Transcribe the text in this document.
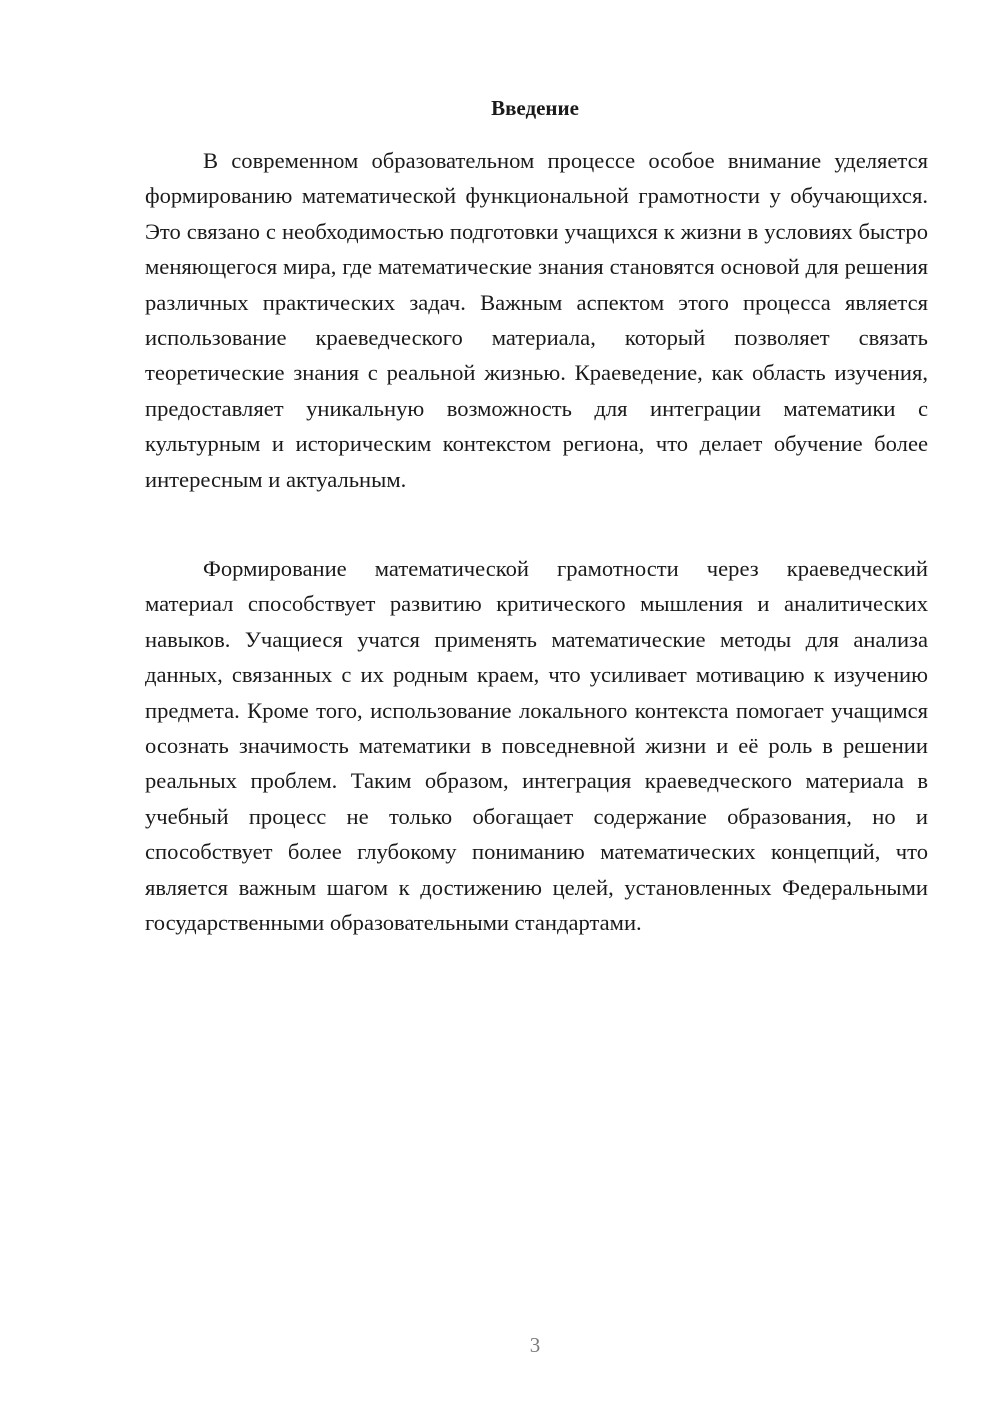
Введение

В современном образовательном процессе особое внимание уделяется формированию математической функциональной грамотности у обучающихся. Это связано с необходимостью подготовки учащихся к жизни в условиях быстро меняющегося мира, где математические знания становятся основой для решения различных практических задач. Важным аспектом этого процесса является использование краеведческого материала, который позволяет связать теоретические знания с реальной жизнью. Краеведение, как область изучения, предоставляет уникальную возможность для интеграции математики с культурным и историческим контекстом региона, что делает обучение более интересным и актуальным.

Формирование математической грамотности через краеведческий материал способствует развитию критического мышления и аналитических навыков. Учащиеся учатся применять математические методы для анализа данных, связанных с их родным краем, что усиливает мотивацию к изучению предмета. Кроме того, использование локального контекста помогает учащимся осознать значимость математики в повседневной жизни и её роль в решении реальных проблем. Таким образом, интеграция краеведческого материала в учебный процесс не только обогащает содержание образования, но и способствует более глубокому пониманию математических концепций, что является важным шагом к достижению целей, установленных Федеральными государственными образовательными стандартами.

3
